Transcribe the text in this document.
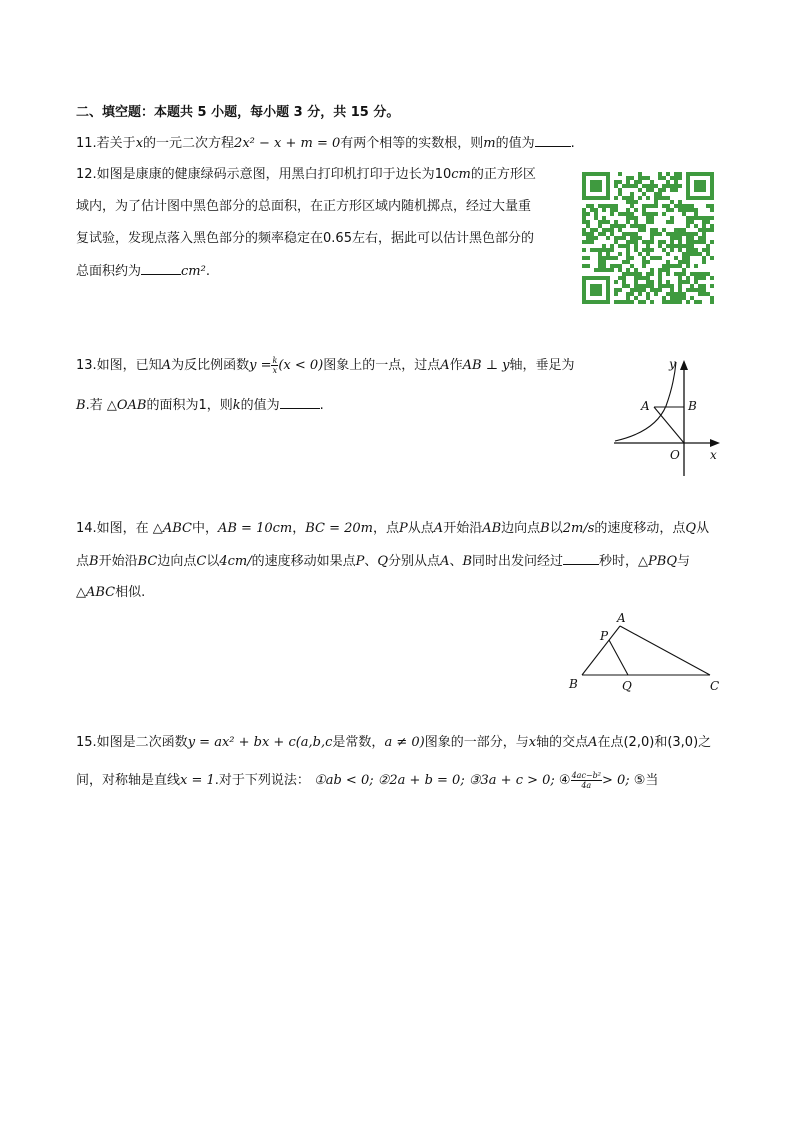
二、填空题：本题共 5 小题，每小题 3 分，共 15 分。
11.若关于x的一元二次方程2x² − x + m = 0有两个相等的实数根，则m的值为	.
12.如图是康康的健康绿码示意图，用黑白打印机打印于边长为10cm的正方形区
域内，为了估计图中黑色部分的总面积，在正方形区域内随机掷点，经过大量重
复试验，发现点落入黑色部分的频率稳定在0.65左右，据此可以估计黑色部分的
总面积约为	cm².
13.如图，已知A为反比例函数$y = \frac{k}{x} (x < 0)$图象上的一点，过点A作AB ⊥ y轴，垂足为
B.若 △OAB的面积为1，则k的值为	.
y
x
A	B
O
14.如图，在 △ABC中，AB = 10cm，BC = 20m，点P从点A开始沿AB边向点B以2m/s的速度移动，点Q从
点B开始沿BC边向点C以4cm/的速度移动如果点P、Q分别从点A、B同时出发问经过	秒时，△PBQ与
△ABC相似.
A
P
B	Q	C
15.如图是二次函数y = ax² + bx + c(a,b,c是常数，a ≠ 0)图象的一部分，与x轴的交点A在点(2,0)和(3,0)之
间，对称轴是直线x = 1.对于下列说法： ①ab < 0; ②2a + b = 0; ③3a + c > 0; ④ $\frac{\text{4ac−b²}}{4a} > 0$; ⑤当
